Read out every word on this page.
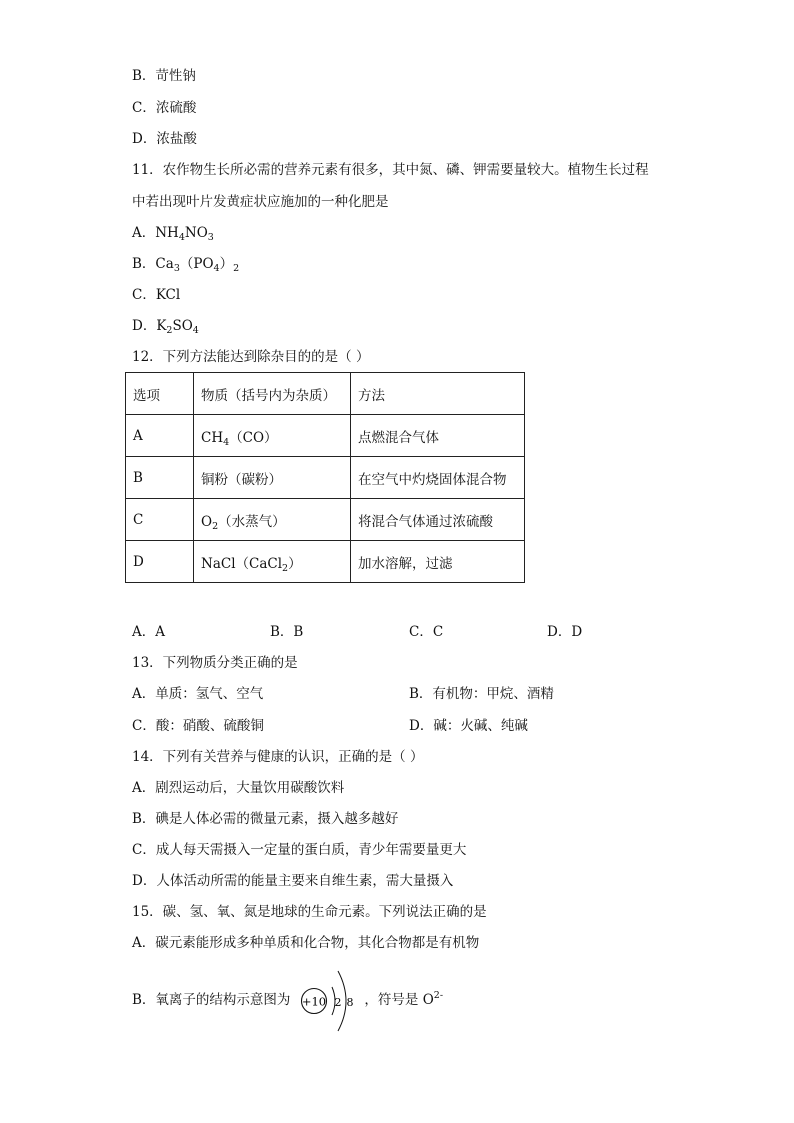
B．苛性钠
C．浓硫酸
D．浓盐酸
11．农作物生长所必需的营养元素有很多，其中氮、磷、钾需要量较大。植物生长过程
中若出现叶片发黄症状应施加的一种化肥是
A．$NH_4NO_3$
B．$Ca_3(PO_4)_2$
C．KCl
D．$K_2SO_4$
12．下列方法能达到除杂目的的是（ ）
选项	物质（括号内为杂质）	方法
A	$CH_4(CO)$	点燃混合气体
B	铜粉（碳粉）	在空气中灼烧固体混合物
C	$O_2$（水蒸气）	将混合气体通过浓硫酸
D	NaCl（CaCl$_2$）	加水溶解，过滤
A．A	B．B	C．C	D．D
13．下列物质分类正确的是
A．单质：氢气、空气	B．有机物：甲烷、酒精
C．酸：硝酸、硫酸铜	D．碱：火碱、纯碱
14．下列有关营养与健康的认识，正确的是（ ）
A．剧烈运动后，大量饮用碳酸饮料
B．碘是人体必需的微量元素，摄入越多越好
C．成人每天需摄入一定量的蛋白质，青少年需要量更大
D．人体活动所需的能量主要来自维生素，需大量摄入
15．碳、氢、氧、氮是地球的生命元素。下列说法正确的是
A．碳元素能形成多种单质和化合物，其化合物都是有机物
B．氧离子的结构示意图为	，符号是 $O^{2-}$
+10 2 8
